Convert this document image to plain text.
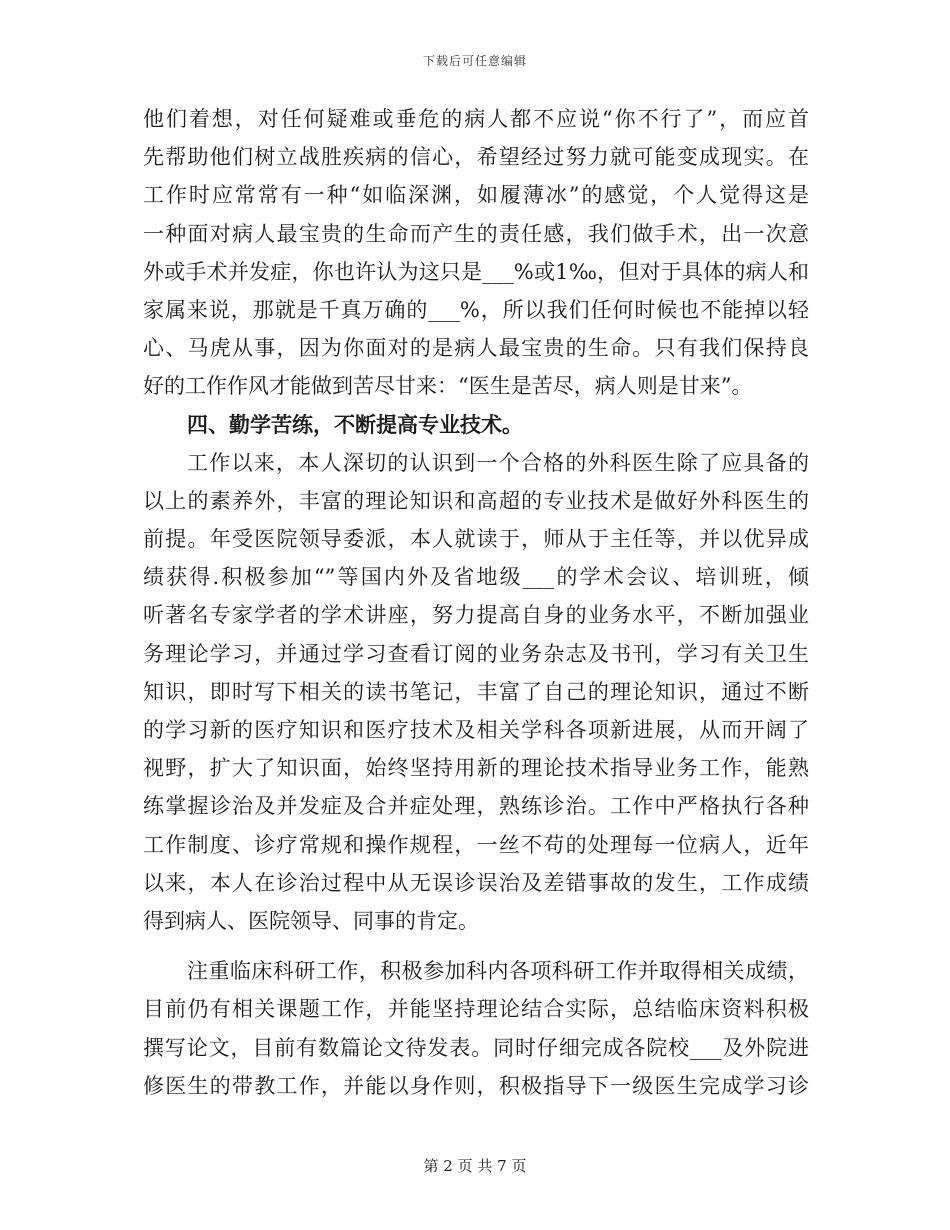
下载后可任意编辑
他们着想，对任何疑难或垂危的病人都不应说“你不行了”，而应首
先帮助他们树立战胜疾病的信心，希望经过努力就可能变成现实。在
工作时应常常有一种“如临深渊，如履薄冰”的感觉，个人觉得这是
一种面对病人最宝贵的生命而产生的责任感，我们做手术，出一次意
外或手术并发症，你也许认为这只是___%或1‰，但对于具体的病人和
家属来说，那就是千真万确的___%，所以我们任何时候也不能掉以轻
心、马虎从事，因为你面对的是病人最宝贵的生命。只有我们保持良
好的工作作风才能做到苦尽甘来：“医生是苦尽，病人则是甘来”。
四、勤学苦练，不断提高专业技术。
工作以来，本人深切的认识到一个合格的外科医生除了应具备的
以上的素养外，丰富的理论知识和高超的专业技术是做好外科医生的
前提。年受医院领导委派，本人就读于，师从于主任等，并以优异成
绩获得.积极参加“”等国内外及省地级___的学术会议、培训班，倾
听著名专家学者的学术讲座，努力提高自身的业务水平，不断加强业
务理论学习，并通过学习查看订阅的业务杂志及书刊，学习有关卫生
知识，即时写下相关的读书笔记，丰富了自己的理论知识，通过不断
的学习新的医疗知识和医疗技术及相关学科各项新进展，从而开阔了
视野，扩大了知识面，始终坚持用新的理论技术指导业务工作，能熟
练掌握诊治及并发症及合并症处理，熟练诊治。工作中严格执行各种
工作制度、诊疗常规和操作规程，一丝不苟的处理每一位病人，近年
以来，本人在诊治过程中从无误诊误治及差错事故的发生，工作成绩
得到病人、医院领导、同事的肯定。
注重临床科研工作，积极参加科内各项科研工作并取得相关成绩，
目前仍有相关课题工作，并能坚持理论结合实际，总结临床资料积极
撰写论文，目前有数篇论文待发表。同时仔细完成各院校___及外院进
修医生的带教工作，并能以身作则，积极指导下一级医生完成学习诊
第 2 页 共 7 页
